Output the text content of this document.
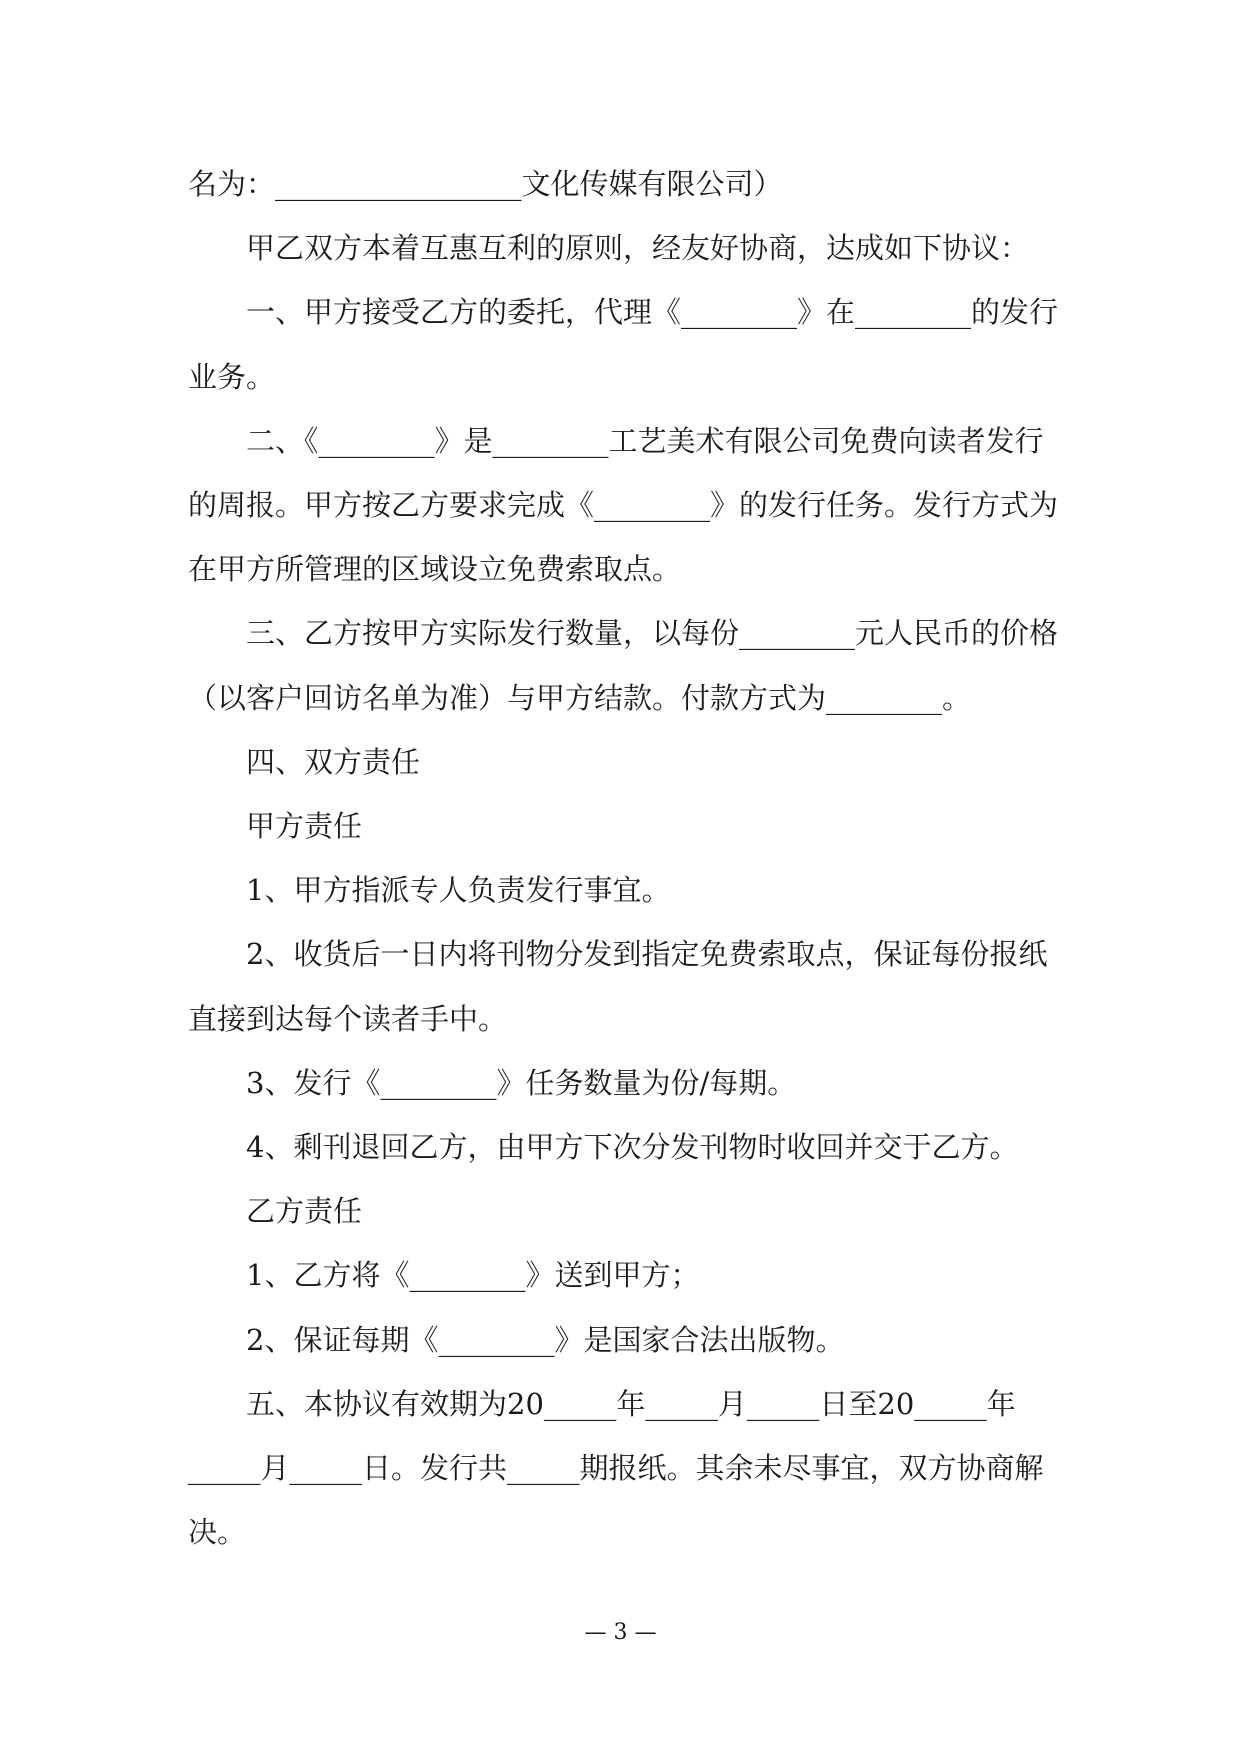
名为：_________________文化传媒有限公司）

甲乙双方本着互惠互利的原则，经友好协商，达成如下协议：

一、甲方接受乙方的委托，代理《________》在________的发行业务。

二、《________》是________工艺美术有限公司免费向读者发行的周报。甲方按乙方要求完成《________》的发行任务。发行方式为在甲方所管理的区域设立免费索取点。

三、乙方按甲方实际发行数量，以每份________元人民币的价格（以客户回访名单为准）与甲方结款。付款方式为________。

四、双方责任

甲方责任

1、甲方指派专人负责发行事宜。

2、收货后一日内将刊物分发到指定免费索取点，保证每份报纸直接到达每个读者手中。

3、发行《________》任务数量为份/每期。

4、剩刊退回乙方，由甲方下次分发刊物时收回并交于乙方。

乙方责任

1、乙方将《________》送到甲方；

2、保证每期《________》是国家合法出版物。

五、本协议有效期为20_____年_____月_____日至20_____年_____月_____日。发行共_____期报纸。其余未尽事宜，双方协商解决。

— 3 —
